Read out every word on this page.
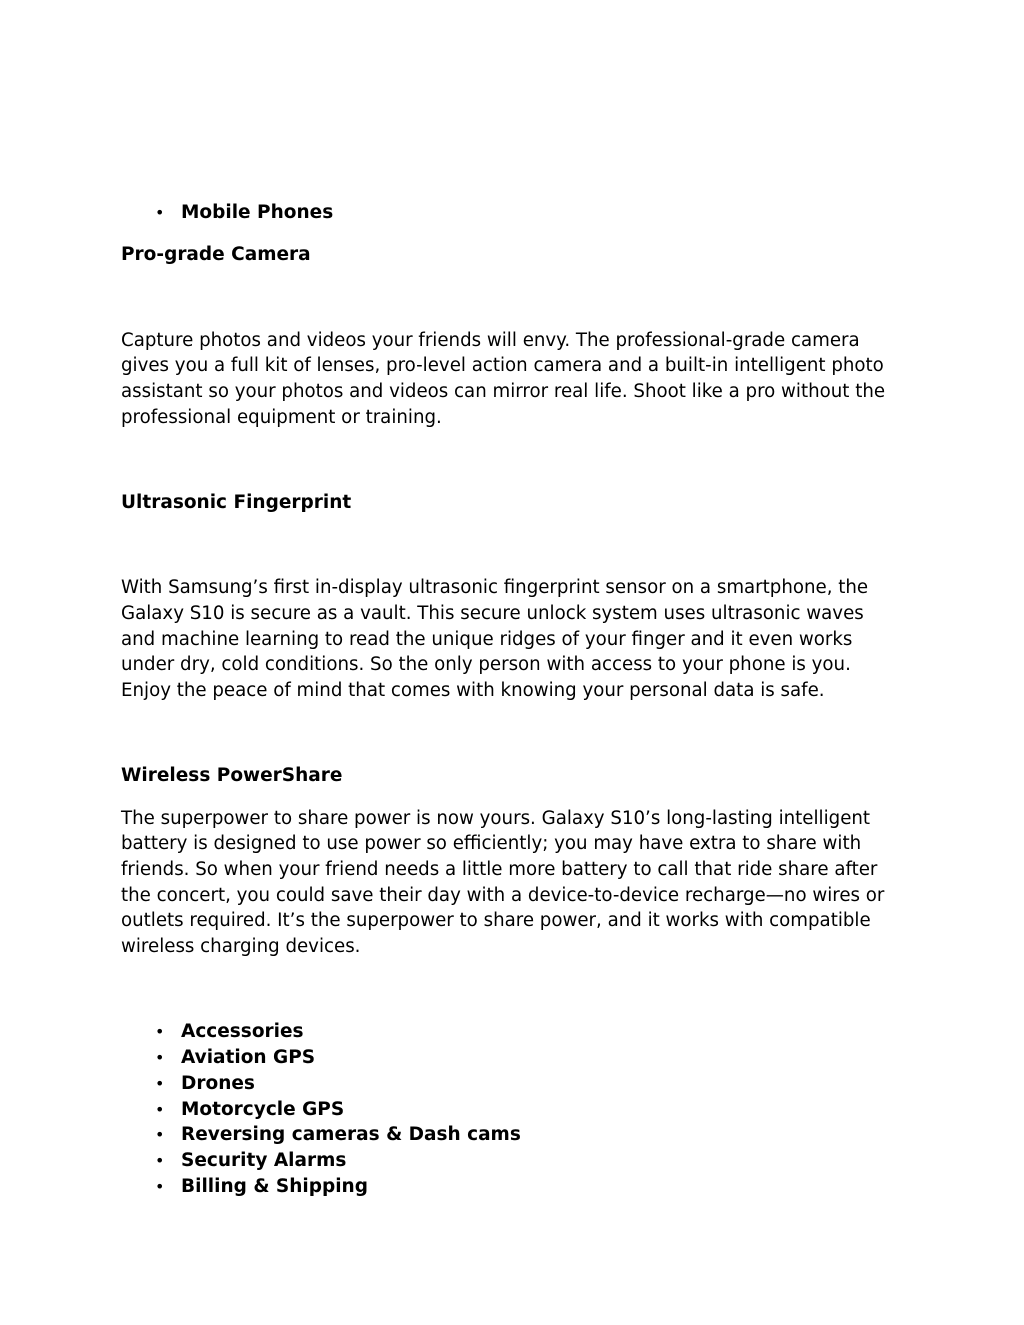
• Mobile Phones
Pro-grade Camera
Capture photos and videos your friends will envy. The professional-grade camera
gives you a full kit of lenses, pro-level action camera and a built-in intelligent photo
assistant so your photos and videos can mirror real life. Shoot like a pro without the
professional equipment or training.
Ultrasonic Fingerprint
With Samsung’s first in-display ultrasonic fingerprint sensor on a smartphone, the
Galaxy S10 is secure as a vault. This secure unlock system uses ultrasonic waves
and machine learning to read the unique ridges of your finger and it even works
under dry, cold conditions. So the only person with access to your phone is you.
Enjoy the peace of mind that comes with knowing your personal data is safe.
Wireless PowerShare
The superpower to share power is now yours. Galaxy S10’s long-lasting intelligent
battery is designed to use power so efficiently; you may have extra to share with
friends. So when your friend needs a little more battery to call that ride share after
the concert, you could save their day with a device-to-device recharge—no wires or
outlets required. It’s the superpower to share power, and it works with compatible
wireless charging devices.
• Accessories
• Aviation GPS
• Drones
• Motorcycle GPS
• Reversing cameras & Dash cams
• Security Alarms
• Billing & Shipping
